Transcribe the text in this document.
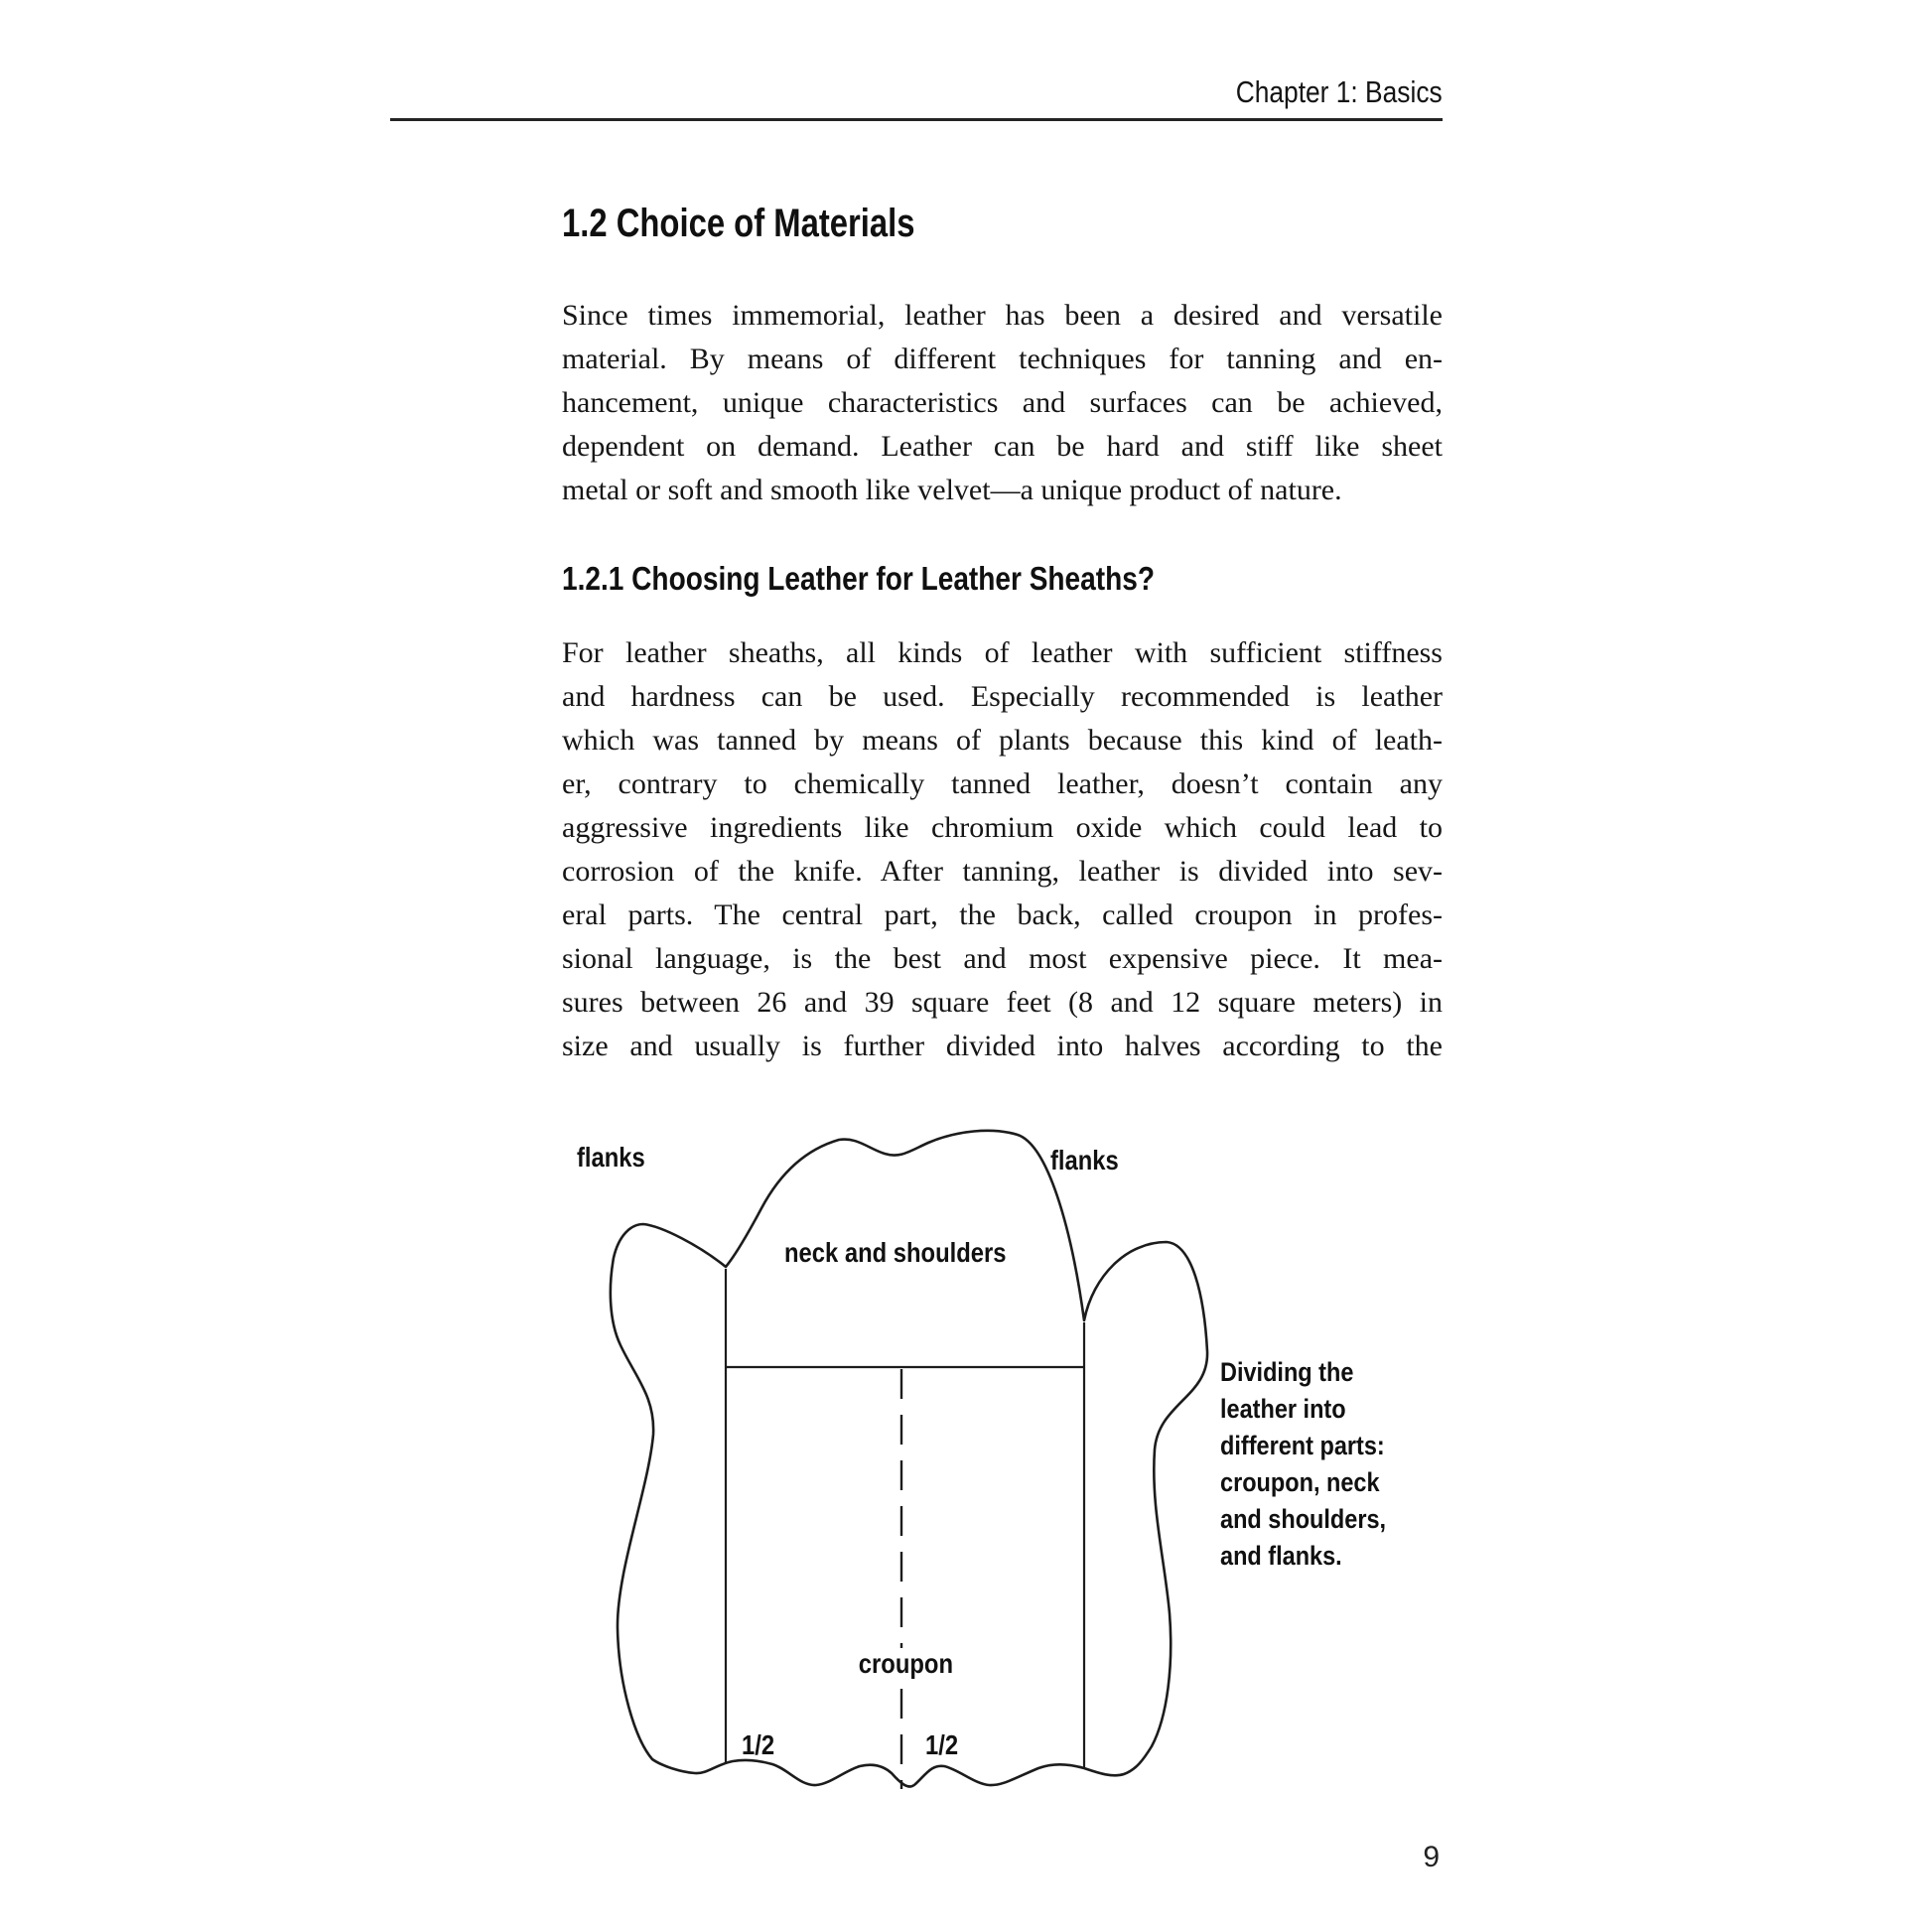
Chapter 1: Basics
1.2 Choice of Materials
Since times immemorial, leather has been a desired and versatile
material. By means of different techniques for tanning and en-
hancement, unique characteristics and surfaces can be achieved,
dependent on demand. Leather can be hard and stiff like sheet
metal or soft and smooth like velvet—a unique product of nature.
1.2.1 Choosing Leather for Leather Sheaths?
For leather sheaths, all kinds of leather with sufficient stiffness
and hardness can be used. Especially recommended is leather
which was tanned by means of plants because this kind of leath-
er, contrary to chemically tanned leather, doesn’t contain any
aggressive ingredients like chromium oxide which could lead to
corrosion of the knife. After tanning, leather is divided into sev-
eral parts. The central part, the back, called croupon in profes-
sional language, is the best and most expensive piece. It mea-
sures between 26 and 39 square feet (8 and 12 square meters) in
size and usually is further divided into halves according to the
flanks	flanks
neck and shoulders
croupon
1/2	1/2
Dividing the
leather into
different parts:
croupon, neck
and shoulders,
and flanks.
9
